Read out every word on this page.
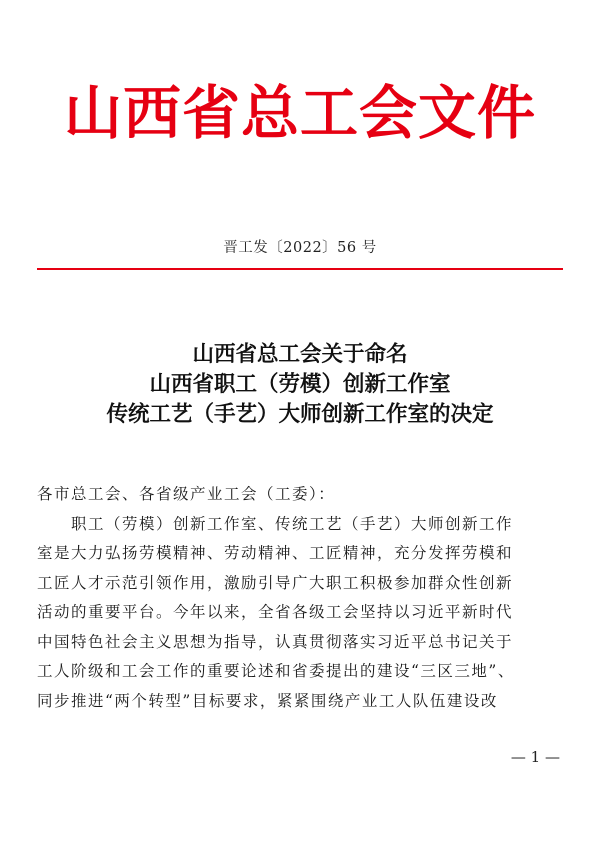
山西省总工会文件
晋工发〔2022〕56 号
山西省总工会关于命名
山西省职工（劳模）创新工作室
传统工艺（手艺）大师创新工作室的决定
各市总工会、各省级产业工会（工委）：
　　职工（劳模）创新工作室、传统工艺（手艺）大师创新工作
室是大力弘扬劳模精神、劳动精神、工匠精神，充分发挥劳模和
工匠人才示范引领作用，激励引导广大职工积极参加群众性创新
活动的重要平台。今年以来，全省各级工会坚持以习近平新时代
中国特色社会主义思想为指导，认真贯彻落实习近平总书记关于
工人阶级和工会工作的重要论述和省委提出的建设“三区三地”、
同步推进“两个转型”目标要求，紧紧围绕产业工人队伍建设改
— 1 —
